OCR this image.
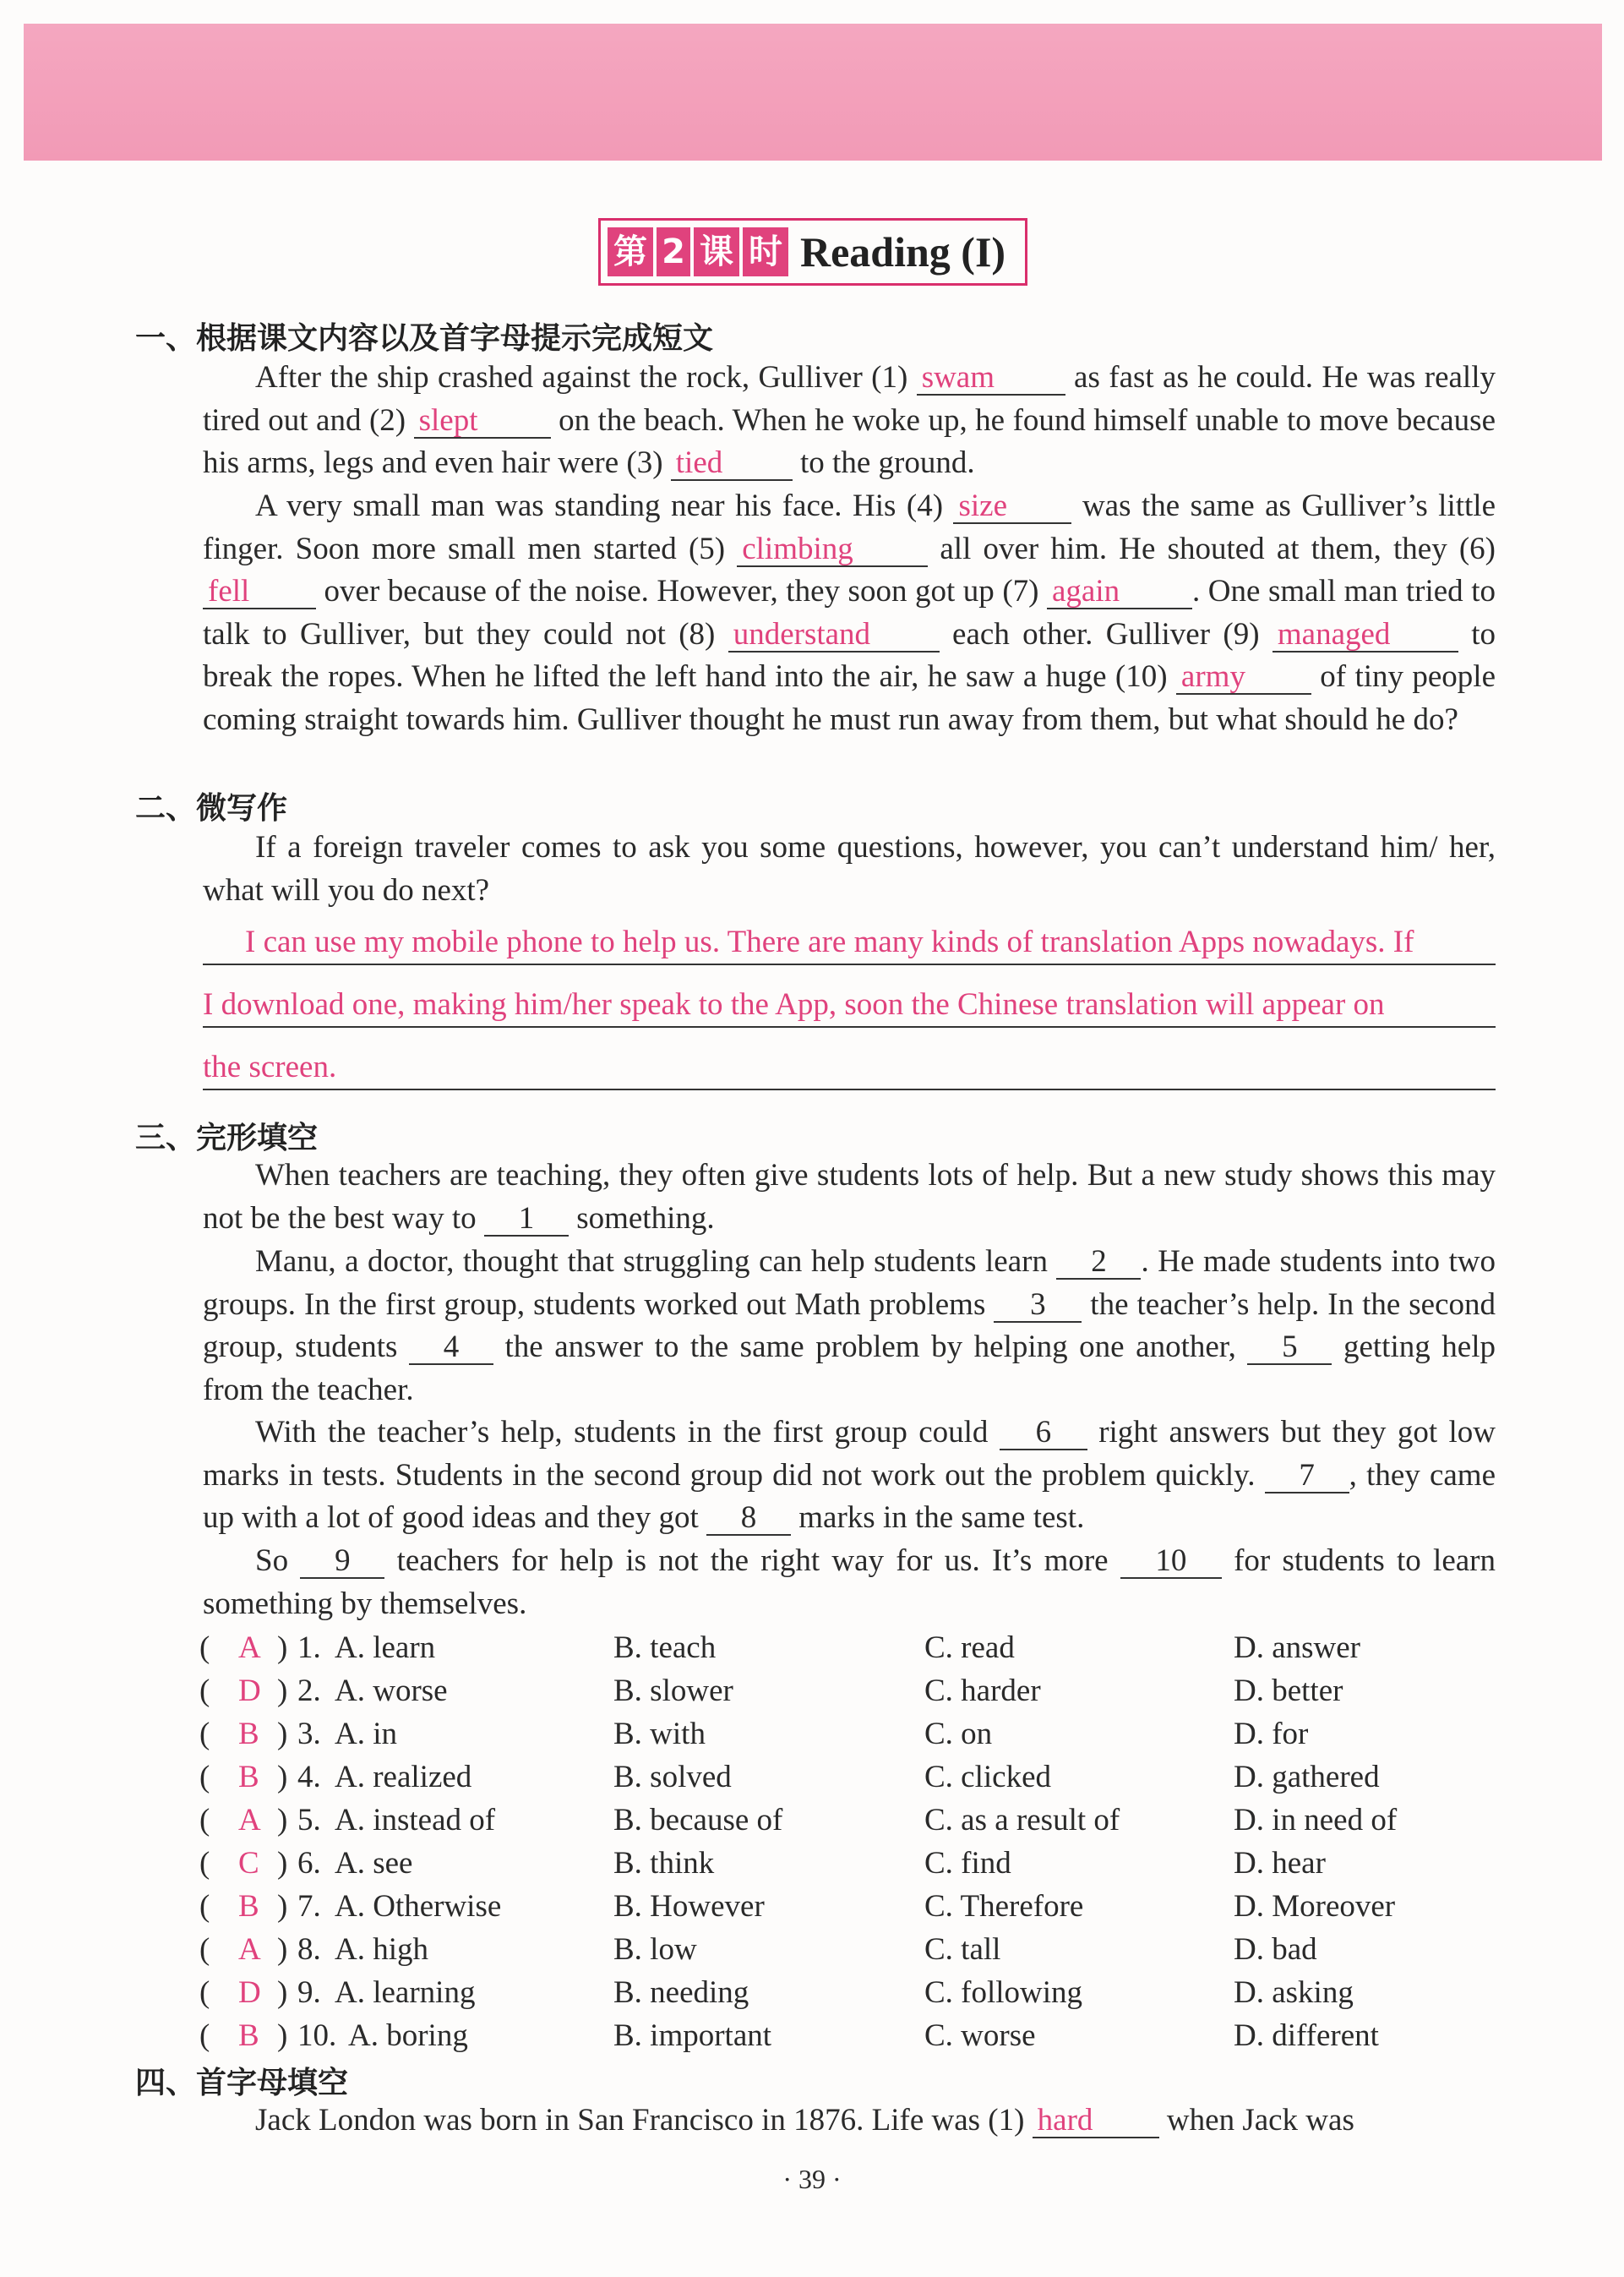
第 2 课 时 Reading (I)
一、根据课文内容以及首字母提示完成短文

After the ship crashed against the rock, Gulliver (1) swam as fast as he could. He was really tired out and (2) slept on the beach. When he woke up, he found himself unable to move because his arms, legs and even hair were (3) tied to the ground.

A very small man was standing near his face. His (4) size was the same as Gulliver’s little finger. Soon more small men started (5) climbing all over him. He shouted at them, they (6) fell over because of the noise. However, they soon got up (7) again . One small man tried to talk to Gulliver, but they could not (8) understand each other. Gulliver (9) managed to break the ropes. When he lifted the left hand into the air, he saw a huge (10) army of tiny people coming straight towards him. Gulliver thought he must run away from them, but what should he do?

二、微写作

If a foreign traveler comes to ask you some questions, however, you can’t understand him/ her, what will you do next?

I can use my mobile phone to help us. There are many kinds of translation Apps nowadays. If
I download one, making him/her speak to the App, soon the Chinese translation will appear on
the screen.
三、完形填空

When teachers are teaching, they often give students lots of help. But a new study shows this may not be the best way to 1 something.

Manu, a doctor, thought that struggling can help students learn 2 . He made students into two groups. In the first group, students worked out Math problems 3 the teacher’s help. In the second group, students 4 the answer to the same problem by helping one another, 5 getting help from the teacher.

With the teacher’s help, students in the first group could 6 right answers but they got low marks in tests. Students in the second group did not work out the problem quickly. 7 , they came up with a lot of good ideas and they got 8 marks in the same test.

So 9 teachers for help is not the right way for us. It’s more 10 for students to learn something by themselves.

( A ) 1. A. learn	B. teach	C. read	D. answer
( D ) 2. A. worse	B. slower	C. harder	D. better
( B ) 3. A. in	B. with	C. on	D. for
( B ) 4. A. realized	B. solved	C. clicked	D. gathered
( A ) 5. A. instead of	B. because of	C. as a result of	D. in need of
( C ) 6. A. see	B. think	C. find	D. hear
( B ) 7. A. Otherwise	B. However	C. Therefore	D. Moreover
( A ) 8. A. high	B. low	C. tall	D. bad
( D ) 9. A. learning	B. needing	C. following	D. asking
( B ) 10. A. boring	B. important	C. worse	D. different
四、首字母填空

Jack London was born in San Francisco in 1876. Life was (1) hard when Jack was

· 39 ·
